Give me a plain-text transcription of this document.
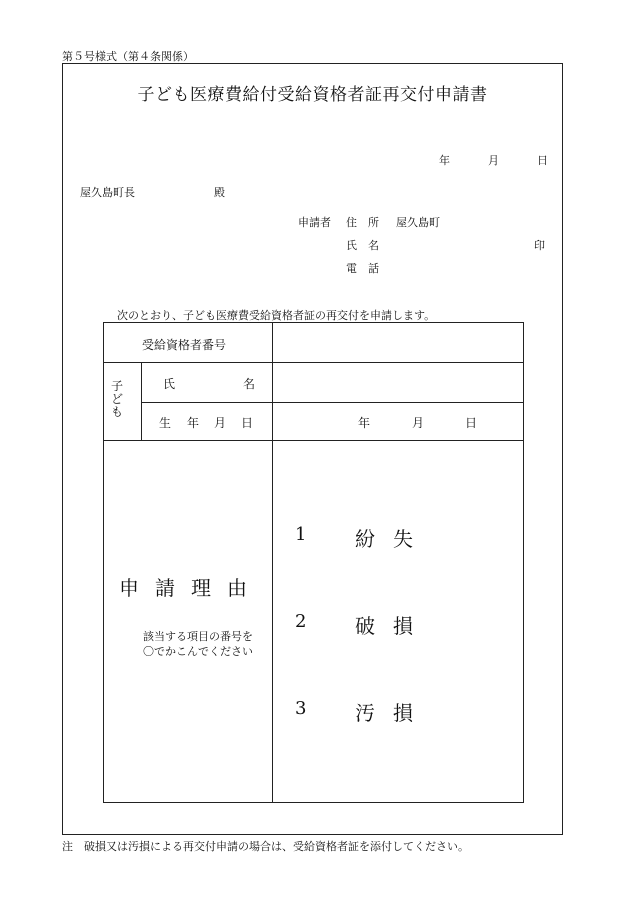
第５号様式（第４条関係）
子ども医療費給付受給資格者証再交付申請書
年	月	日
屋久島町長	殿
申請者 住　所 屋久島町
氏　名	印
電　話
次のとおり、子ども医療費受給資格者証の再交付を申請します。
受給資格者番号
子
ど
も
氏	名
生 年 月 日	年	月	日
申請理由
該当する項目の番号を〇でかこんでください
1 紛失
2 破損
3 汚損
注　破損又は汚損による再交付申請の場合は、受給資格者証を添付してください。
